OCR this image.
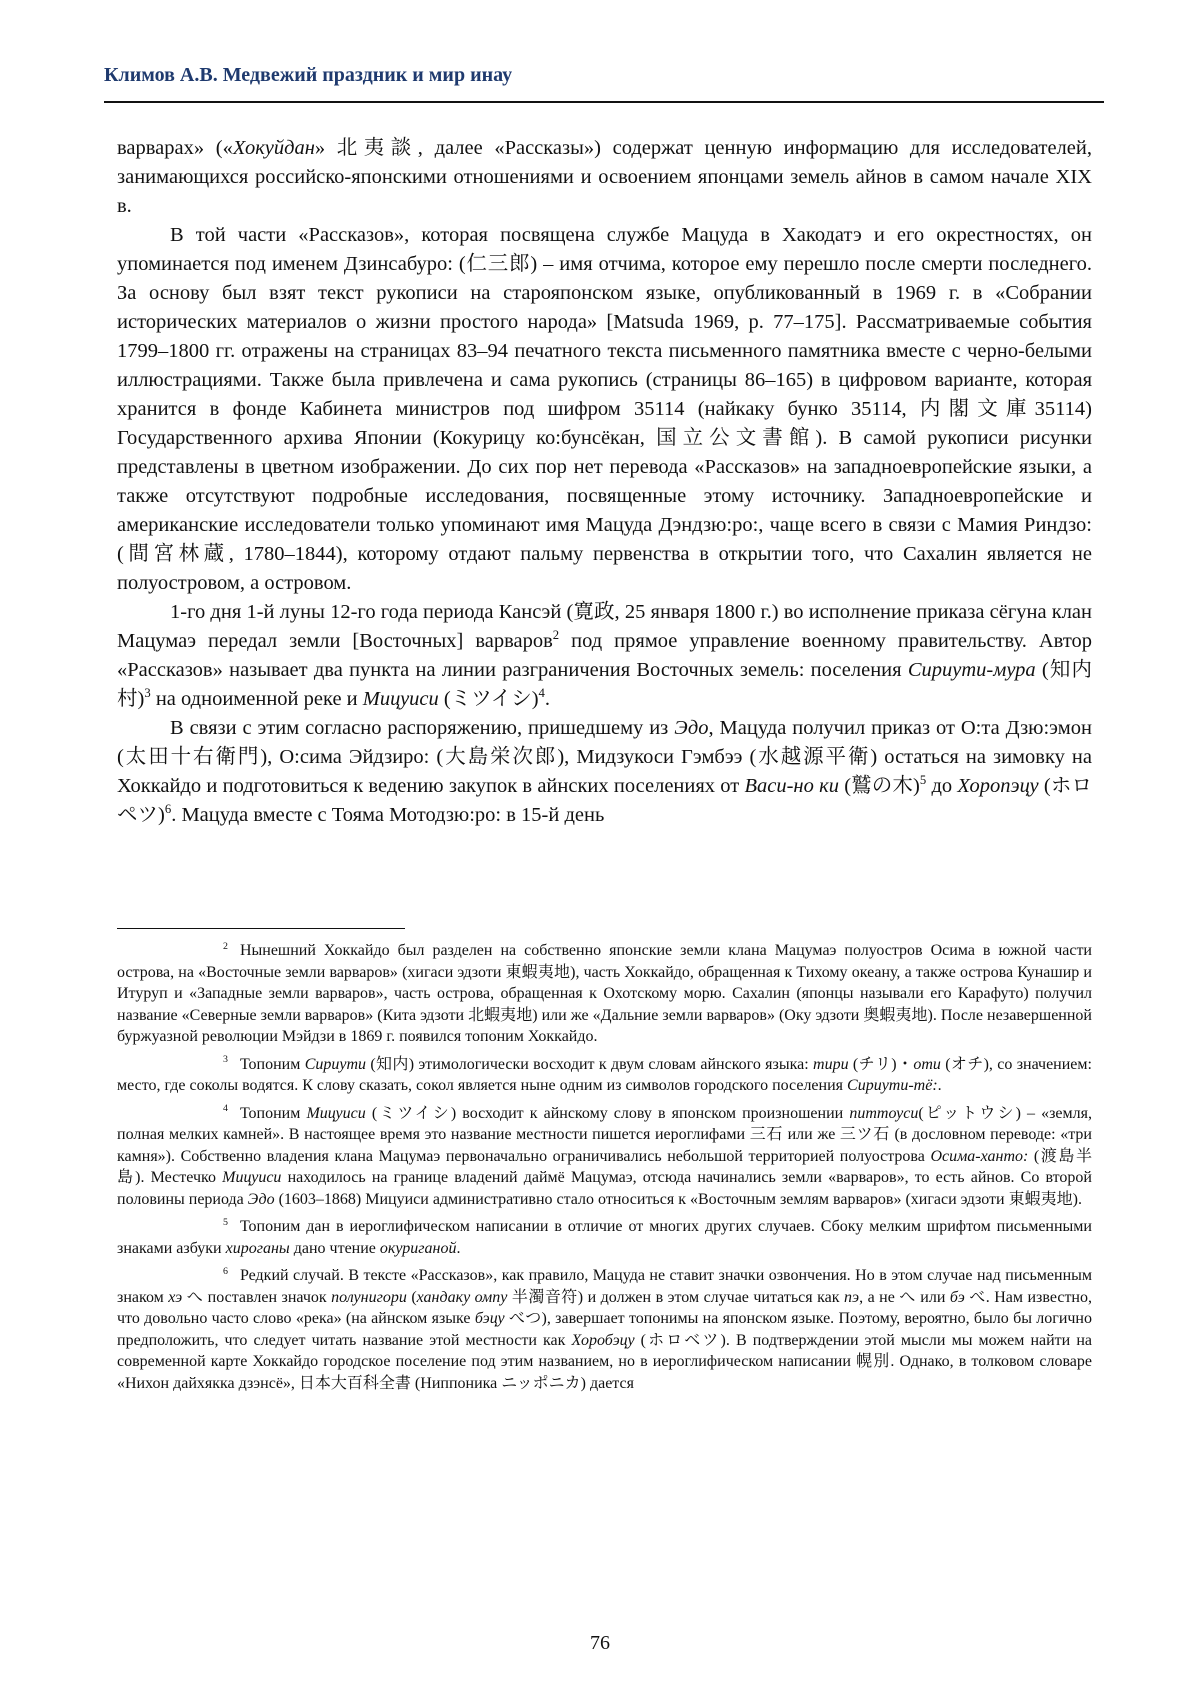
Климов А.В. Медвежий праздник и мир инау

варварах» («Хокуйдан» 北夷談, далее «Рассказы») содержат ценную информацию для исследователей, занимающихся российско-японскими отношениями и освоением японцами земель айнов в самом начале XIX в.

В той части «Рассказов», которая посвящена службе Мацуда в Хакодатэ и его окрестностях, он упоминается под именем Дзинсабуро: (仁三郎) – имя отчима, которое ему перешло после смерти последнего. За основу был взят текст рукописи на старояпонском языке, опубликованный в 1969 г. в «Собрании исторических материалов о жизни простого народа» [Matsuda 1969, p. 77–175]. Рассматриваемые события 1799–1800 гг. отражены на страницах 83–94 печатного текста письменного памятника вместе с черно-белыми иллюстрациями. Также была привлечена и сама рукопись (страницы 86–165) в цифровом варианте, которая хранится в фонде Кабинета министров под шифром 35114 (найкаку бунко 35114, 内閣文庫35114) Государственного архива Японии (Кокурицу ко:бунсёкан, 国立公文書館). В самой рукописи рисунки представлены в цветном изображении. До сих пор нет перевода «Рассказов» на западноевропейские языки, а также отсутствуют подробные исследования, посвященные этому источнику. Западноевропейские и американские исследователи только упоминают имя Мацуда Дэндзю:ро:, чаще всего в связи с Мамия Риндзо: (間宮林蔵, 1780–1844), которому отдают пальму первенства в открытии того, что Сахалин является не полуостровом, а островом.

1-го дня 1-й луны 12-го года периода Кансэй (寛政, 25 января 1800 г.) во исполнение приказа сёгуна клан Мацумаэ передал земли [Восточных] варваров$^2$ под прямое управление военному правительству. Автор «Рассказов» называет два пункта на линии разграничения Восточных земель: поселения Сириути-мура (知内村)$^3$ на одноименной реке и Мицуиси (ミツイシ)$^4$.

В связи с этим согласно распоряжению, пришедшему из Эдо, Мацуда получил приказ от О:та Дзю:эмон (太田十右衛門), О:сима Эйдзиро: (大島栄次郎), Мидзукоси Гэмбээ (水越源平衛) остаться на зимовку на Хоккайдо и подготовиться к ведению закупок в айнских поселениях от Васи-но ки (鷲の木)$^5$ до Хоропэцу (ホロペツ)$^6$. Мацуда вместе с Тояма Мотодзю:ро: в 15-й день

$^2$ Нынешний Хоккайдо был разделен на собственно японские земли клана Мацумаэ полуостров Осима в южной части острова, на «Восточные земли варваров» (хигаси эдзоти 東蝦夷地), часть Хоккайдо, обращенная к Тихому океану, а также острова Кунашир и Итуруп и «Западные земли варваров», часть острова, обращенная к Охотскому морю. Сахалин (японцы называли его Карафуто) получил название «Северные земли варваров» (Кита эдзоти 北蝦夷地) или же «Дальние земли варваров» (Оку эдзоти 奥蝦夷地). После незавершенной буржуазной революции Мэйдзи в 1869 г. появился топоним Хоккайдо.

$^3$ Топоним Сириути (知内) этимологически восходит к двум словам айнского языка: тири (チリ)・оти (オチ), со значением: место, где соколы водятся. К слову сказать, сокол является ныне одним из символов городского поселения Сириути-тё:.

$^4$ Топоним Мицуиси (ミツイシ) восходит к айнскому слову в японском произношении питтоуси(ピットウシ) – «земля, полная мелких камней». В настоящее время это название местности пишется иероглифами 三石 или же 三ツ石 (в дословном переводе: «три камня»). Собственно владения клана Мацумаэ первоначально ограничивались небольшой территорией полуострова Осима-ханто: (渡島半島). Местечко Мицуиси находилось на границе владений даймё Мацумаэ, отсюда начинались земли «варваров», то есть айнов. Со второй половины периода Эдо (1603–1868) Мицуиси административно стало относиться к «Восточным землям варваров» (хигаси эдзоти 東蝦夷地).

$^5$ Топоним дан в иероглифическом написании в отличие от многих других случаев. Сбоку мелким шрифтом письменными знаками азбуки хироганы дано чтение окуриганой.

$^6$ Редкий случай. В тексте «Рассказов», как правило, Мацуда не ставит значки озвончения. Но в этом случае над письменным знаком хэ へ поставлен значок полунигори (хандаку омпу 半濁音符) и должен в этом случае читаться как пэ, а не へ или бэ べ. Нам известно, что довольно часто слово «река» (на айнском языке бэцу べつ), завершает топонимы на японском языке. Поэтому, вероятно, было бы логично предположить, что следует читать название этой местности как Хоробэцу (ホロベツ). В подтверждении этой мысли мы можем найти на современной карте Хоккайдо городское поселение под этим названием, но в иероглифическом написании 幌別. Однако, в толковом словаре «Нихон дайхякка дзэнсё», 日本大百科全書 (Ниппоника ニッポニカ) дается

76
